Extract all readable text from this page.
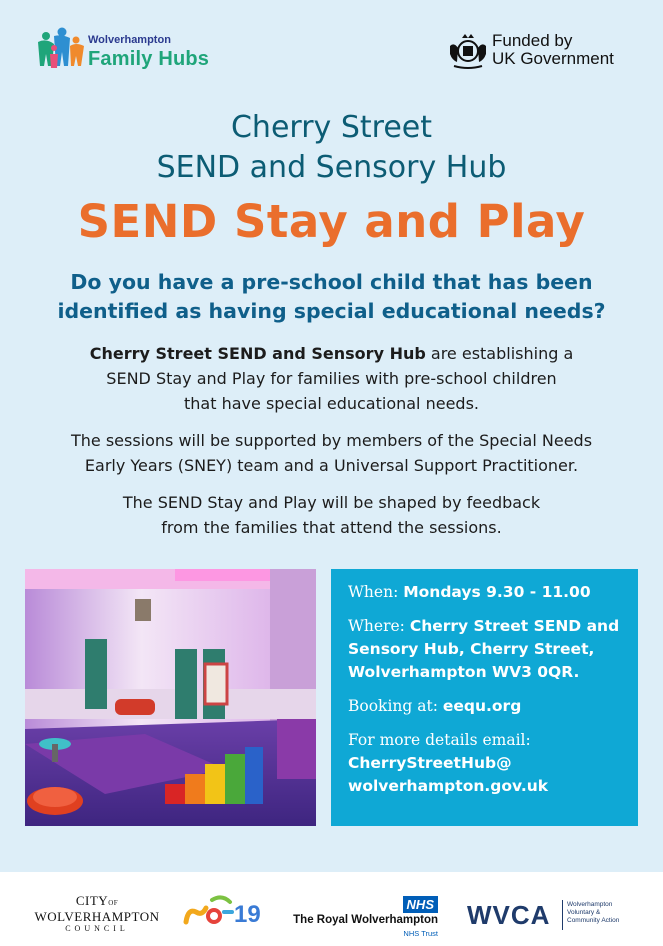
Wolverhampton
Family Hubs
Funded by
UK Government
Cherry Street
SEND and Sensory Hub
SEND Stay and Play
Do you have a pre-school child that has been
identified as having special educational needs?
Cherry Street SEND and Sensory Hub are establishing a
SEND Stay and Play for families with pre-school children
that have special educational needs.
The sessions will be supported by members of the Special Needs
Early Years (SNEY) team and a Universal Support Practitioner.
The SEND Stay and Play will be shaped by feedback
from the families that attend the sessions.
When: Mondays 9.30 - 11.00
Where: Cherry Street SEND and
Sensory Hub, Cherry Street,
Wolverhampton WV3 0QR.
Booking at: eequ.org
For more details email:
CherryStreetHub@
wolverhampton.gov.uk
CITYOF
WOLVERHAMPTON
COUNCIL
19	NHS
The Royal Wolverhampton
NHS Trust
WVCA	Wolverhampton
Voluntary &
Community Action
